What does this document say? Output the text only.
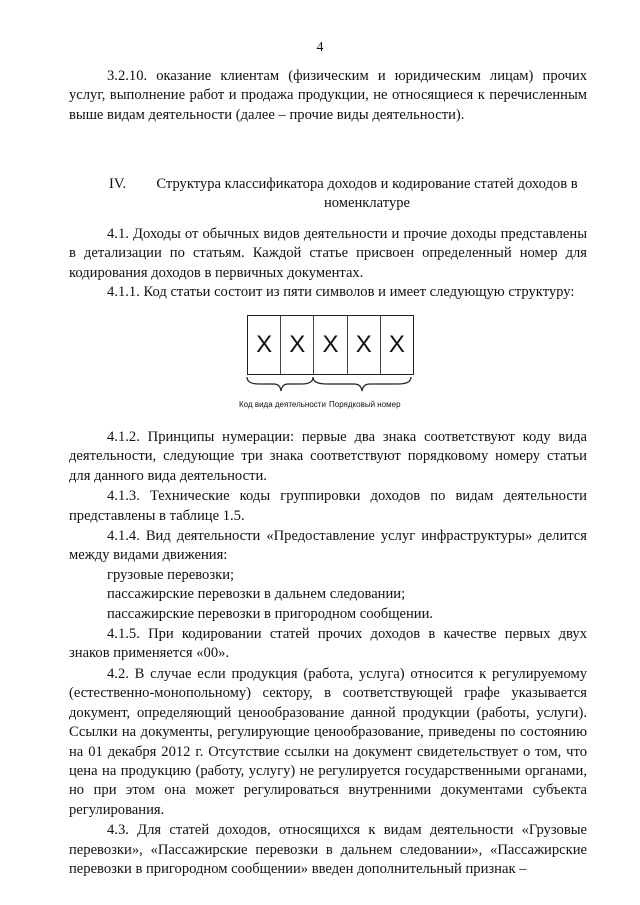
4
3.2.10. оказание клиентам (физическим и юридическим лицам) прочих услуг, выполнение работ и продажа продукции, не относящиеся к перечисленным выше видам деятельности (далее – прочие виды деятельности).
IV.	Структура классификатора доходов и кодирование статей доходов в номенклатуре
4.1. Доходы от обычных видов деятельности и прочие доходы представлены в детализации по статьям. Каждой статье присвоен определенный номер для кодирования доходов в первичных документах.
4.1.1. Код статьи состоит из пяти символов и имеет следующую структуру:
X X X X X
Код вида деятельности Порядковый номер
4.1.2. Принципы нумерации: первые два знака соответствуют коду вида деятельности, следующие три знака соответствуют порядковому номеру статьи для данного вида деятельности.
4.1.3. Технические коды группировки доходов по видам деятельности представлены в таблице 1.5.
4.1.4. Вид деятельности «Предоставление услуг инфраструктуры» делится между видами движения:
грузовые перевозки;
пассажирские перевозки в дальнем следовании;
пассажирские перевозки в пригородном сообщении.
4.1.5. При кодировании статей прочих доходов в качестве первых двух знаков применяется «00».
4.2. В случае если продукция (работа, услуга) относится к регулируемому (естественно-монопольному) сектору, в соответствующей графе указывается документ, определяющий ценообразование данной продукции (работы, услуги). Ссылки на документы, регулирующие ценообразование, приведены по состоянию на 01 декабря 2012 г. Отсутствие ссылки на документ свидетельствует о том, что цена на продукцию (работу, услугу) не регулируется государственными органами, но при этом она может регулироваться внутренними документами субъекта регулирования.
4.3. Для статей доходов, относящихся к видам деятельности «Грузовые перевозки», «Пассажирские перевозки в дальнем следовании», «Пассажирские перевозки в пригородном сообщении» введен дополнительный признак –
